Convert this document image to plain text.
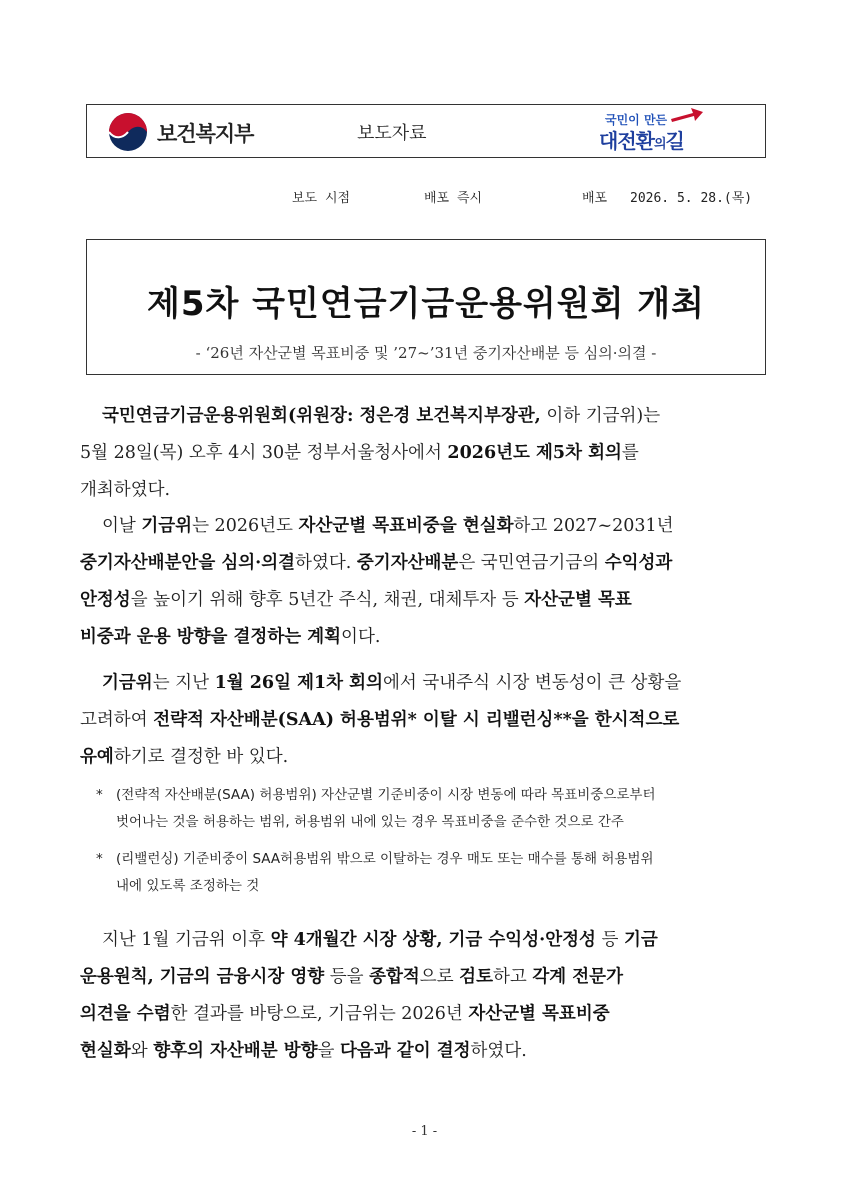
보건복지부	보도자료
국민이 만든
대전환의길
보도 시점	배포 즉시	배포 2026. 5. 28.(목)
제5차 국민연금기금운용위원회 개최
- ‘26년 자산군별 목표비중 및 ’27~’31년 중기자산배분 등 심의·의결 -
국민연금기금운용위원회(위원장: 정은경 보건복지부장관, 이하 기금위)는
5월 28일(목) 오후 4시 30분 정부서울청사에서 2026년도 제5차 회의를
개최하였다.
이날 기금위는 2026년도 자산군별 목표비중을 현실화하고 2027~2031년
중기자산배분안을 심의·의결하였다. 중기자산배분은 국민연금기금의 수익성과
안정성을 높이기 위해 향후 5년간 주식, 채권, 대체투자 등 자산군별 목표
비중과 운용 방향을 결정하는 계획이다.
기금위는 지난 1월 26일 제1차 회의에서 국내주식 시장 변동성이 큰 상황을
고려하여 전략적 자산배분(SAA) 허용범위* 이탈 시 리밸런싱**을 한시적으로
유예하기로 결정한 바 있다.
* (전략적 자산배분(SAA) 허용범위) 자산군별 기준비중이 시장 변동에 따라 목표비중으로부터
벗어나는 것을 허용하는 범위, 허용범위 내에 있는 경우 목표비중을 준수한 것으로 간주
* (리밸런싱) 기준비중이 SAA허용범위 밖으로 이탈하는 경우 매도 또는 매수를 통해 허용범위
내에 있도록 조정하는 것
지난 1월 기금위 이후 약 4개월간 시장 상황, 기금 수익성·안정성 등 기금
운용원칙, 기금의 금융시장 영향 등을 종합적으로 검토하고 각계 전문가
의견을 수렴한 결과를 바탕으로, 기금위는 2026년 자산군별 목표비중
현실화와 향후의 자산배분 방향을 다음과 같이 결정하였다.
- 1 -
